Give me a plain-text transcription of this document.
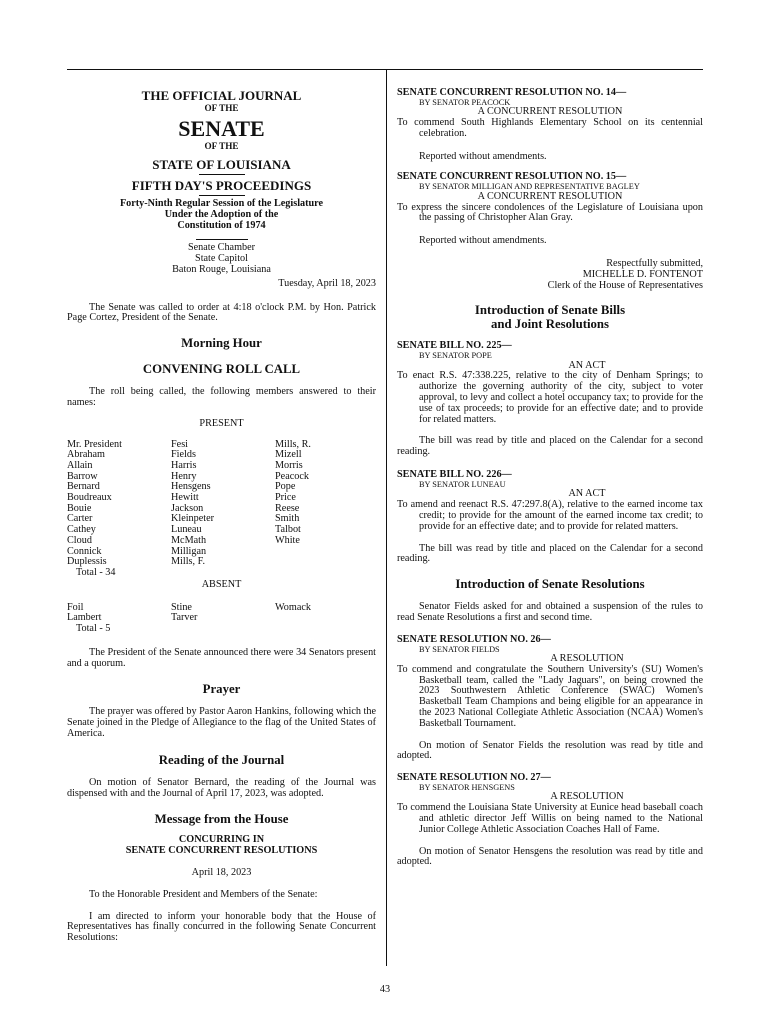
THE OFFICIAL JOURNAL
OF THE
SENATE
OF THE
STATE OF LOUISIANA
FIFTH DAY'S PROCEEDINGS
Forty-Ninth Regular Session of the Legislature
Under the Adoption of the
Constitution of 1974
Senate Chamber
State Capitol
Baton Rouge, Louisiana
Tuesday, April 18, 2023
The Senate was called to order at 4:18 o'clock P.M. by Hon. Patrick Page Cortez, President of the Senate.
Morning Hour
CONVENING ROLL CALL
The roll being called, the following members answered to their names:
PRESENT
Mr. President	Fesi	Mills, R.
Abraham	Fields	Mizell
Allain	Harris	Morris
Barrow	Henry	Peacock
Bernard	Hensgens	Pope
Boudreaux	Hewitt	Price
Bouie	Jackson	Reese
Carter	Kleinpeter	Smith
Cathey	Luneau	Talbot
Cloud	McMath	White
Connick	Milligan
Duplessis	Mills, F.
Total - 34
ABSENT
Foil	Stine	Womack
Lambert	Tarver
Total - 5
The President of the Senate announced there were 34 Senators present and a quorum.
Prayer
The prayer was offered by Pastor Aaron Hankins, following which the Senate joined in the Pledge of Allegiance to the flag of the United States of America.
Reading of the Journal
On motion of Senator Bernard, the reading of the Journal was dispensed with and the Journal of April 17, 2023, was adopted.
Message from the House
CONCURRING IN
SENATE CONCURRENT RESOLUTIONS
April 18, 2023
To the Honorable President and Members of the Senate:
I am directed to inform your honorable body that the House of Representatives has finally concurred in the following Senate Concurrent Resolutions:
SENATE CONCURRENT RESOLUTION NO. 14—
BY SENATOR PEACOCK
A CONCURRENT RESOLUTION
To commend South Highlands Elementary School on its centennial celebration.
Reported without amendments.
SENATE CONCURRENT RESOLUTION NO. 15—
BY SENATOR MILLIGAN AND REPRESENTATIVE BAGLEY
A CONCURRENT RESOLUTION
To express the sincere condolences of the Legislature of Louisiana upon the passing of Christopher Alan Gray.
Reported without amendments.
Respectfully submitted,
MICHELLE D. FONTENOT
Clerk of the House of Representatives
Introduction of Senate Bills
and Joint Resolutions
SENATE BILL NO. 225—
BY SENATOR POPE
AN ACT
To enact R.S. 47:338.225, relative to the city of Denham Springs; to authorize the governing authority of the city, subject to voter approval, to levy and collect a hotel occupancy tax; to provide for the use of tax proceeds; to provide for an effective date; and to provide for related matters.
The bill was read by title and placed on the Calendar for a second reading.
SENATE BILL NO. 226—
BY SENATOR LUNEAU
AN ACT
To amend and reenact R.S. 47:297.8(A), relative to the earned income tax credit; to provide for the amount of the earned income tax credit; to provide for an effective date; and to provide for related matters.
The bill was read by title and placed on the Calendar for a second reading.
Introduction of Senate Resolutions
Senator Fields asked for and obtained a suspension of the rules to read Senate Resolutions a first and second time.
SENATE RESOLUTION NO. 26—
BY SENATOR FIELDS
A RESOLUTION
To commend and congratulate the Southern University's (SU) Women's Basketball team, called the "Lady Jaguars", on being crowned the 2023 Southwestern Athletic Conference (SWAC) Women's Basketball Team Champions and being eligible for an appearance in the 2023 National Collegiate Athletic Association (NCAA) Women's Basketball Tournament.
On motion of Senator Fields the resolution was read by title and adopted.
SENATE RESOLUTION NO. 27—
BY SENATOR HENSGENS
A RESOLUTION
To commend the Louisiana State University at Eunice head baseball coach and athletic director Jeff Willis on being named to the National Junior College Athletic Association Coaches Hall of Fame.
On motion of Senator Hensgens the resolution was read by title and adopted.
43
